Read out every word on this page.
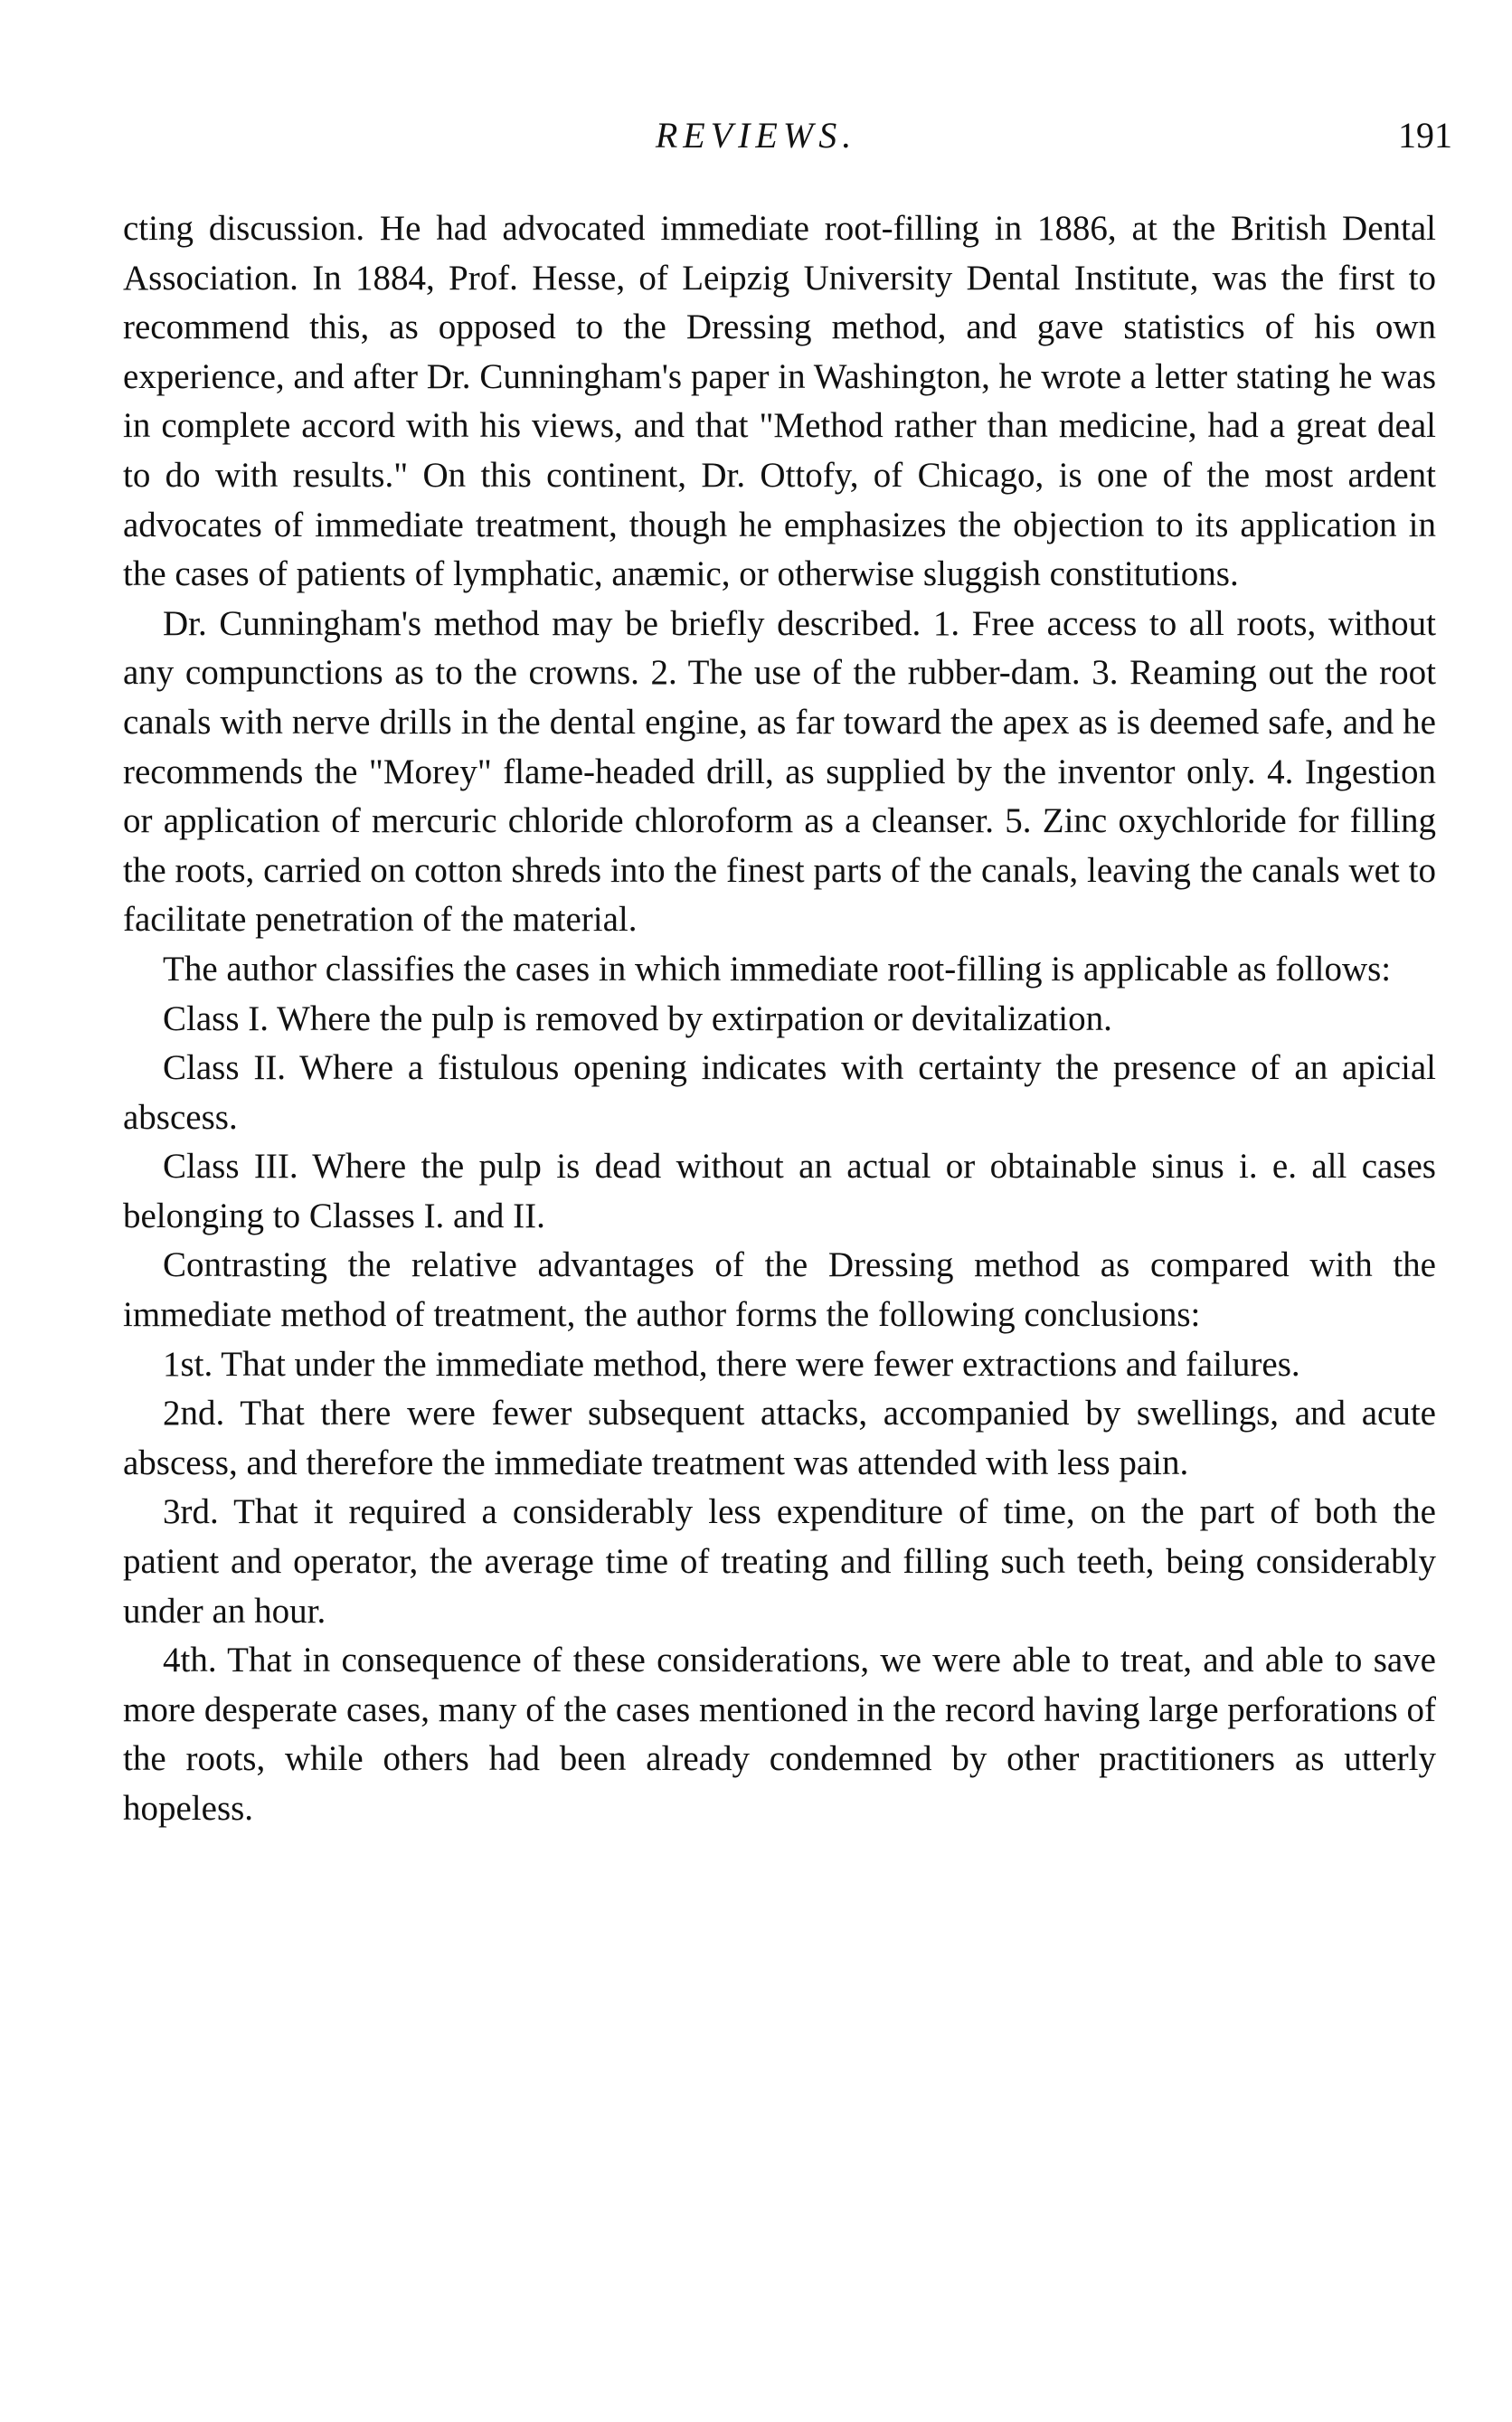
REVIEWS.	191

cting discussion. He had advocated immediate root-filling in 1886, at the British Dental Association. In 1884, Prof. Hesse, of Leipzig University Dental Institute, was the first to recommend this, as opposed to the Dressing method, and gave statistics of his own experience, and after Dr. Cunningham's paper in Washington, he wrote a letter stating he was in complete accord with his views, and that "Method rather than medicine, had a great deal to do with results." On this continent, Dr. Ottofy, of Chicago, is one of the most ardent advocates of immediate treatment, though he emphasizes the objection to its application in the cases of patients of lymphatic, anæmic, or otherwise sluggish constitutions.

Dr. Cunningham's method may be briefly described. 1. Free access to all roots, without any compunctions as to the crowns. 2. The use of the rubber-dam. 3. Reaming out the root canals with nerve drills in the dental engine, as far toward the apex as is deemed safe, and he recommends the "Morey" flame-headed drill, as supplied by the inventor only. 4. Ingestion or application of mercuric chloride chloroform as a cleanser. 5. Zinc oxychloride for filling the roots, carried on cotton shreds into the finest parts of the canals, leaving the canals wet to facilitate penetration of the material.

The author classifies the cases in which immediate root-filling is applicable as follows:

Class I. Where the pulp is removed by extirpation or devitalization.

Class II. Where a fistulous opening indicates with certainty the presence of an apicial abscess.

Class III. Where the pulp is dead without an actual or obtainable sinus i. e. all cases belonging to Classes I. and II.

Contrasting the relative advantages of the Dressing method as compared with the immediate method of treatment, the author forms the following conclusions:

1st. That under the immediate method, there were fewer extractions and failures.

2nd. That there were fewer subsequent attacks, accompanied by swellings, and acute abscess, and therefore the immediate treatment was attended with less pain.

3rd. That it required a considerably less expenditure of time, on the part of both the patient and operator, the average time of treating and filling such teeth, being considerably under an hour.

4th. That in consequence of these considerations, we were able to treat, and able to save more desperate cases, many of the cases mentioned in the record having large perforations of the roots, while others had been already condemned by other practitioners as utterly hopeless.
